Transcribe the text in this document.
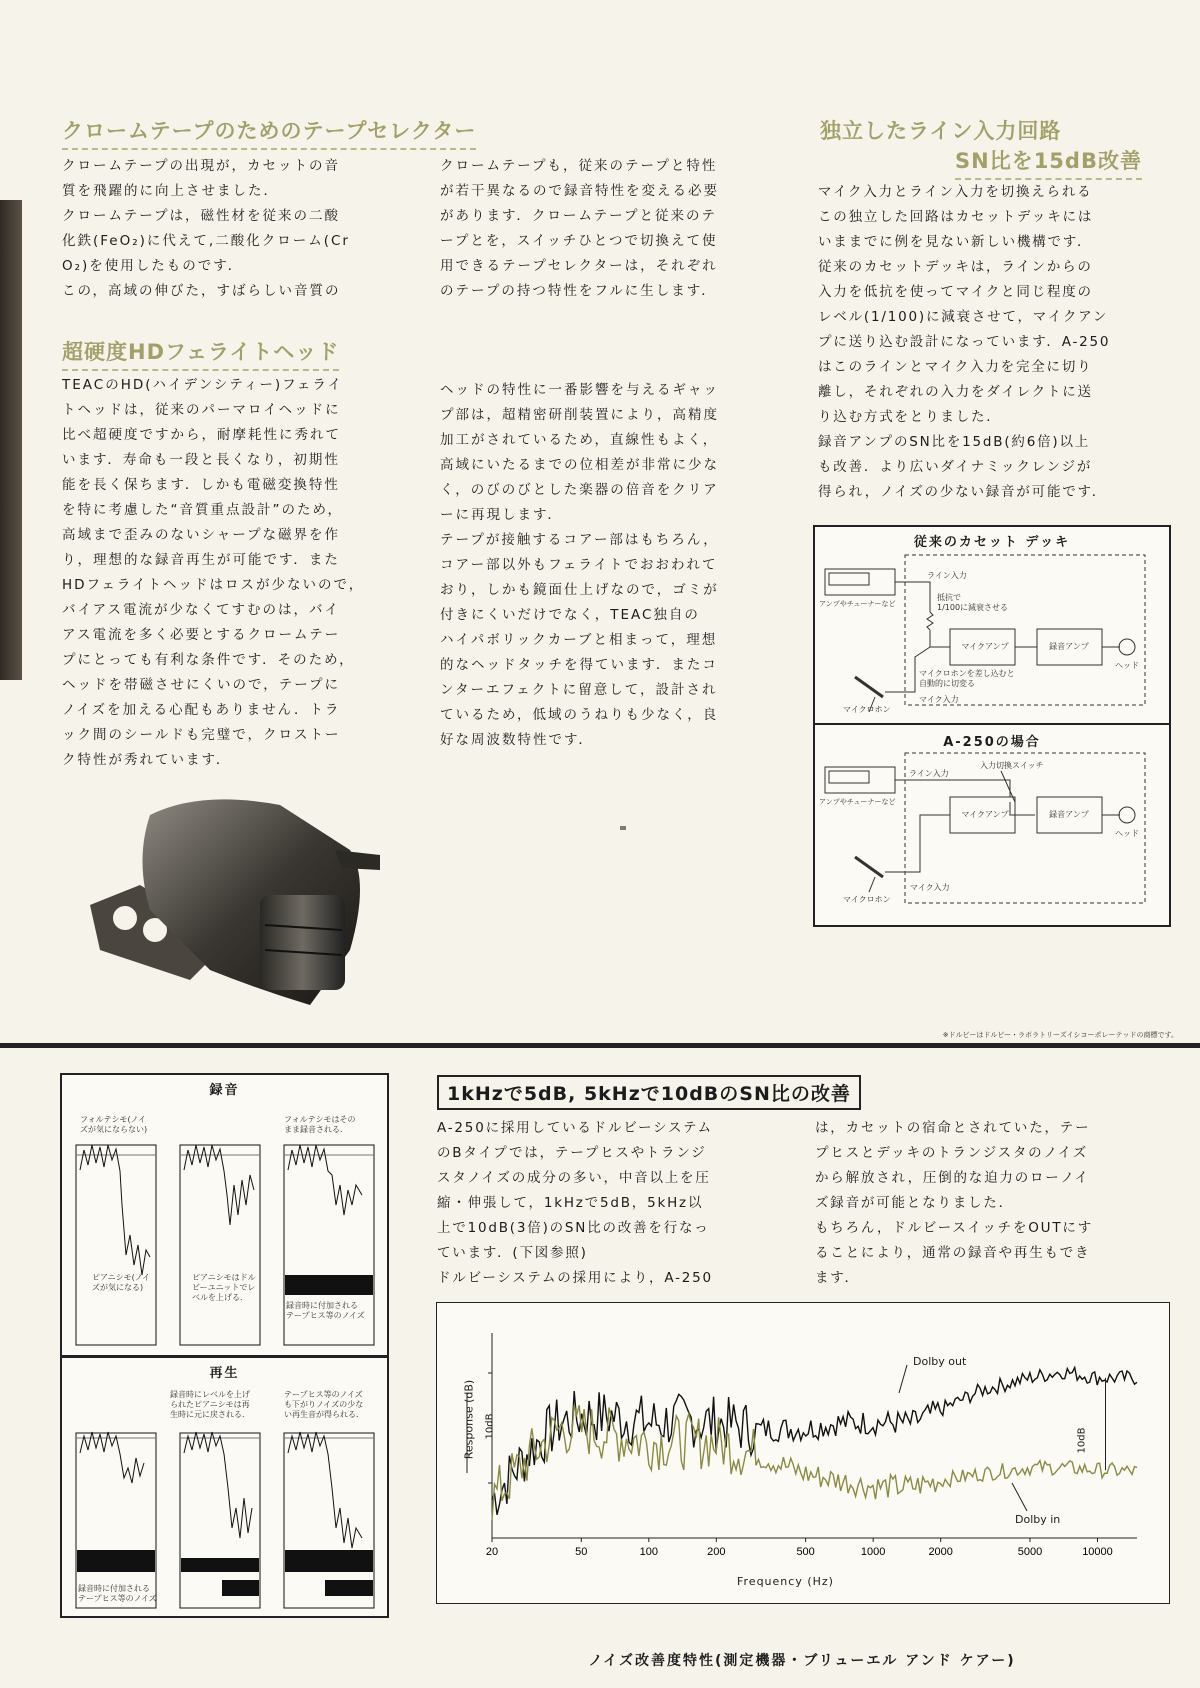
クロームテープのためのテープセレクター
クロームテープの出現が，カセットの音
質を飛躍的に向上させました．
クロームテープは，磁性材を従来の二酸
化鉄(FeO₂)に代えて,二酸化クローム(Cr
O₂)を使用したものです．
この，高域の伸びた，すばらしい音質の
クロームテープも，従来のテープと特性
が若干異なるので録音特性を変える必要
があります．クロームテープと従来のテ
ープとを，スイッチひとつで切換えて使
用できるテープセレクターは，それぞれ
のテープの持つ特性をフルに生します．
超硬度HDフェライトヘッド
TEACのHD(ハイデンシティー)フェライ
トヘッドは，従来のパーマロイヘッドに
比べ超硬度ですから，耐摩耗性に秀れて
います．寿命も一段と長くなり，初期性
能を長く保ちます．しかも電磁変換特性
を特に考慮した“音質重点設計”のため，
高域まで歪みのないシャープな磁界を作
り，理想的な録音再生が可能です．また
HDフェライトヘッドはロスが少ないので，
バイアス電流が少なくてすむのは，バイ
アス電流を多く必要とするクロームテー
プにとっても有利な条件です．そのため，
ヘッドを帯磁させにくいので，テープに
ノイズを加える心配もありません．トラ
ック間のシールドも完璧で，クロストー
ク特性が秀れています．
ヘッドの特性に一番影響を与えるギャッ
プ部は，超精密研削装置により，高精度
加工がされているため，直線性もよく，
高域にいたるまでの位相差が非常に少な
く，のびのびとした楽器の倍音をクリア
ーに再現します．
テープが接触するコアー部はもちろん，
コアー部以外もフェライトでおおわれて
おり，しかも鏡面仕上げなので，ゴミが
付きにくいだけでなく，TEAC独自の
ハイパボリックカーブと相まって，理想
的なヘッドタッチを得ています．またコ
ンターエフェクトに留意して，設計され
ているため，低域のうねりも少なく，良
好な周波数特性です．
独立したライン入力回路
SN比を15dB改善
マイク入力とライン入力を切換えられる
この独立した回路はカセットデッキには
いままでに例を見ない新しい機構です．
従来のカセットデッキは，ラインからの
入力を低抗を使ってマイクと同じ程度の
レベル(1/100)に減衰させて，マイクアン
プに送り込む設計になっています．A-250
はこのラインとマイク入力を完全に切り
離し，それぞれの入力をダイレクトに送
り込む方式をとりました．
録音アンプのSN比を15dB(約6倍)以上
も改善．より広いダイナミックレンジが
得られ，ノイズの少ない録音が可能です．
従来のカセット デッキ
A-250の場合
アンプやチューナーなど
ライン入力
抵抗で
1/100に減衰させる
マイクアンプ	録音アンプ
ヘッド
マイクロホンを差し込むと
自動的に切変る
マイクロホン
マイク入力
アンプやチューナーなど
ライン入力
入力切換スイッチ
マイクアンプ	録音アンプ
ヘッド
マイクロホン
マイク入力
※ドルビーはドルビー・ラボラトリーズイシコーポレーテッドの商標です。
録音
フォルテシモ(ノイ
ズが気にならない)
フォルテシモはその
まま録音される．
ピアニシモ(ノイ
ズが気になる)
ピアニシモはドル
ビーユニットでレ
ベルを上げる．
録音時に付加される
テープヒス等のノイズ
再生
録音時にレベルを上げ
られたピアニシモは再
生時に元に戻される．
テープヒス等のノイズ
も下がりノイズの少な
い再生音が得られる．
録音時に付加される
テープヒス等のノイズ
1kHzで5dB, 5kHzで10dBのSN比の改善
A-250に採用しているドルビーシステム
のBタイプでは，テープヒスやトランジ
スタノイズの成分の多い，中音以上を圧
縮・伸張して，1kHzで5dB，5kHz以
上で10dB(3倍)のSN比の改善を行なっ
ています．(下図参照)
ドルビーシステムの採用により，A-250
は，カセットの宿命とされていた，テー
プヒスとデッキのトランジスタのノイズ
から解放され，圧倒的な迫力のローノイ
ズ録音が可能となりました．
もちろん，ドルビースイッチをOUTにす
ることにより，通常の録音や再生もでき
ます．
20	50	100	200	500	1000	2000	5000	10000
Frequency (Hz)
Response (dB) 10dB
Dolby out
Dolby in
10dB
ノイズ改善度特性(測定機器・ブリューエル アンド ケアー)
